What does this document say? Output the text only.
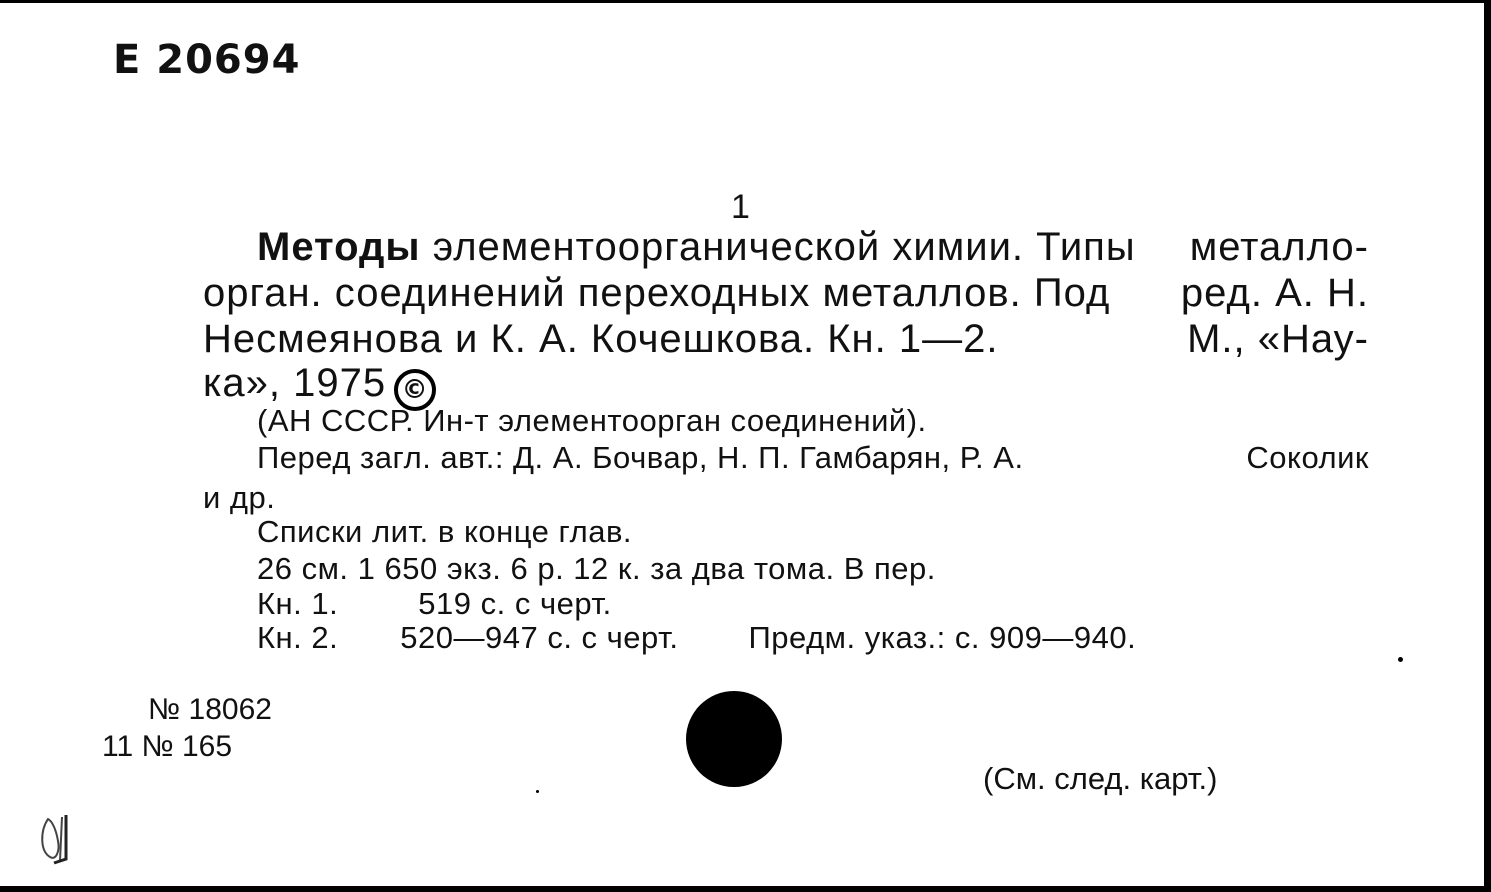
Е 20694
1
Методы элементоорганической химии. Типы металло-
орган. соединений переходных металлов. Под ред. А. Н.
Несмеянова и К. А. Кочешкова. Кн. 1—2.	М., «Нау-
ка», 1975 ©
(АН СССР. Ин-т элементоорган соединений).
Перед загл. авт.: Д. А. Бочвар, Н. П. Гамбарян, Р. А.	Соколик
и др.
Списки лит. в конце глав.
26 см. 1 650 экз. 6 р. 12 к. за два тома. В пер.
Кн. 1.	519 с. с черт.
Кн. 2. 520—947 с. с черт. Предм. указ.: с. 909—940.
№ 18062
11 № 165
(См. след. карт.)
